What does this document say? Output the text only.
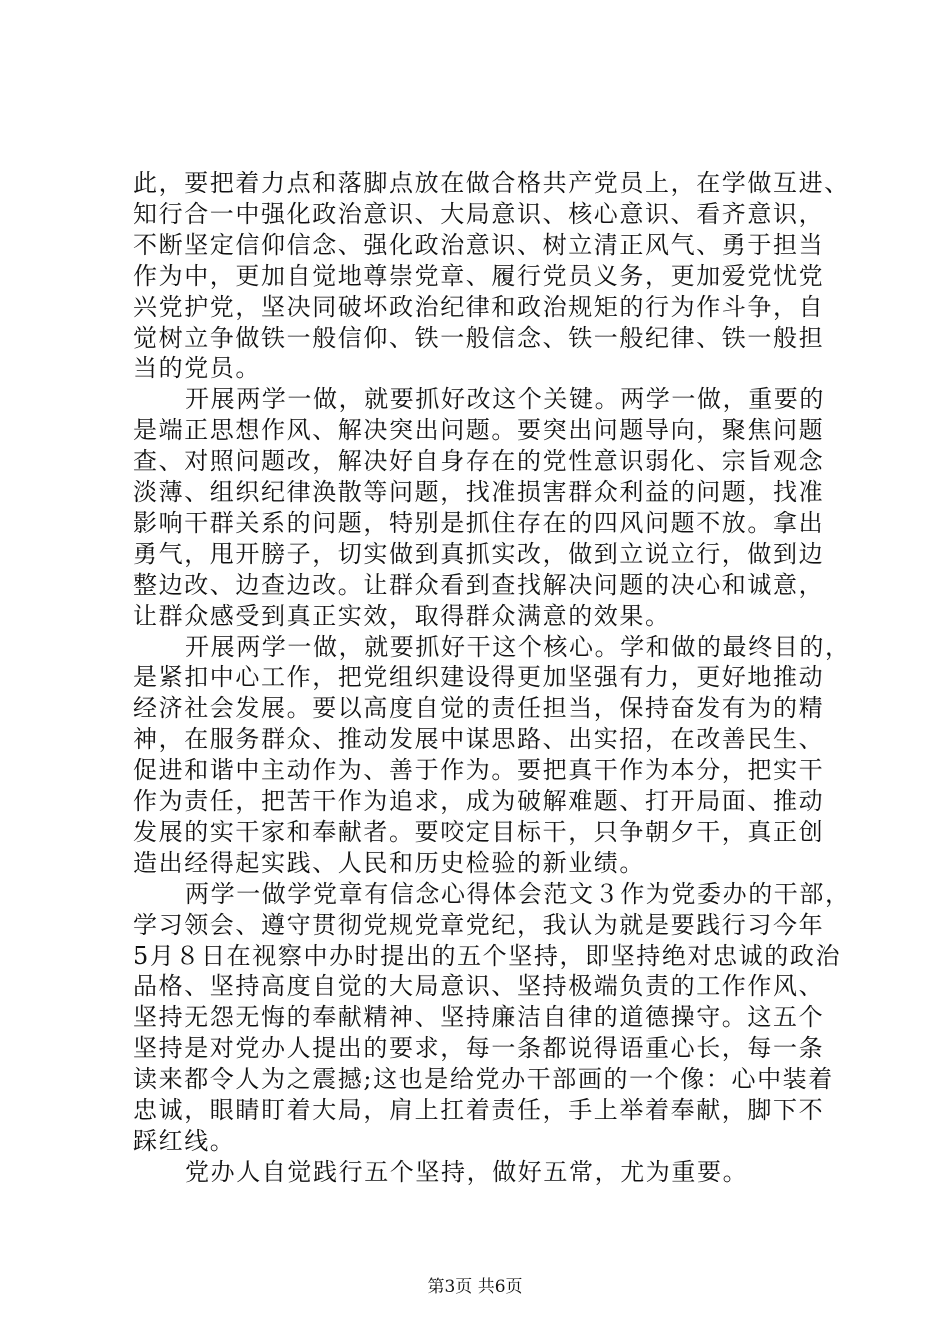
此，要把着力点和落脚点放在做合格共产党员上，在学做互进、
知行合一中强化政治意识、大局意识、核心意识、看齐意识，
不断坚定信仰信念、强化政治意识、树立清正风气、勇于担当
作为中，更加自觉地尊崇党章、履行党员义务，更加爱党忧党
兴党护党，坚决同破坏政治纪律和政治规矩的行为作斗争，自
觉树立争做铁一般信仰、铁一般信念、铁一般纪律、铁一般担
当的党员。
开展两学一做，就要抓好改这个关键。两学一做，重要的
是端正思想作风、解决突出问题。要突出问题导向，聚焦问题
查、对照问题改，解决好自身存在的党性意识弱化、宗旨观念
淡薄、组织纪律涣散等问题，找准损害群众利益的问题，找准
影响干群关系的问题，特别是抓住存在的四风问题不放。拿出
勇气，甩开膀子，切实做到真抓实改，做到立说立行，做到边
整边改、边查边改。让群众看到查找解决问题的决心和诚意，
让群众感受到真正实效，取得群众满意的效果。
开展两学一做，就要抓好干这个核心。学和做的最终目的，
是紧扣中心工作，把党组织建设得更加坚强有力，更好地推动
经济社会发展。要以高度自觉的责任担当，保持奋发有为的精
神，在服务群众、推动发展中谋思路、出实招，在改善民生、
促进和谐中主动作为、善于作为。要把真干作为本分，把实干
作为责任，把苦干作为追求，成为破解难题、打开局面、推动
发展的实干家和奉献者。要咬定目标干，只争朝夕干，真正创
造出经得起实践、人民和历史检验的新业绩。
两学一做学党章有信念心得体会范文３作为党委办的干部，
学习领会、遵守贯彻党规党章党纪，我认为就是要践行习今年
5月８日在视察中办时提出的五个坚持，即坚持绝对忠诚的政治
品格、坚持高度自觉的大局意识、坚持极端负责的工作作风、
坚持无怨无悔的奉献精神、坚持廉洁自律的道德操守。这五个
坚持是对党办人提出的要求，每一条都说得语重心长，每一条
读来都令人为之震撼;这也是给党办干部画的一个像：心中装着
忠诚，眼睛盯着大局，肩上扛着责任，手上举着奉献，脚下不
踩红线。
党办人自觉践行五个坚持，做好五常，尤为重要。
第3页 共6页
